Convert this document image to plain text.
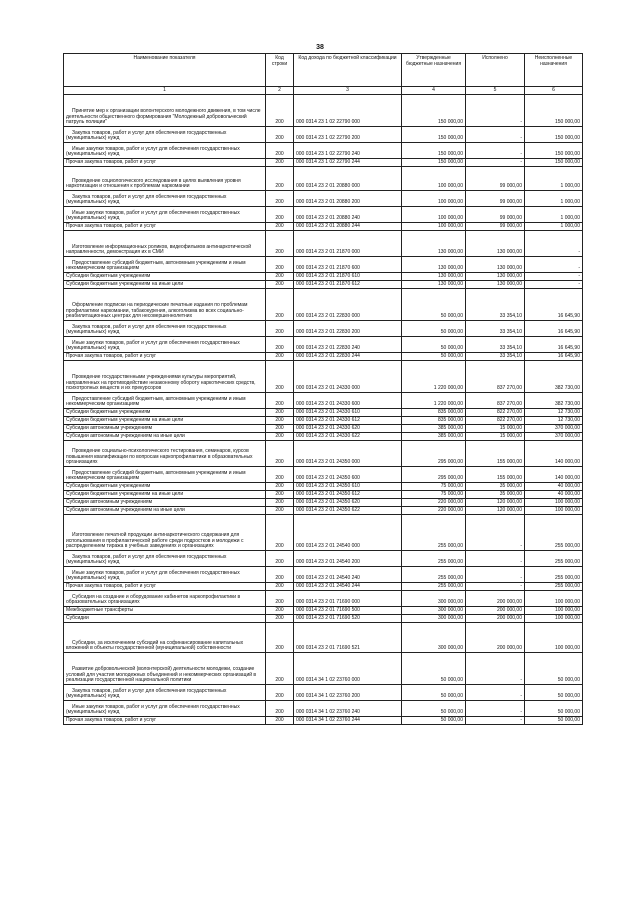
38
Наименование показателя	Код строки	Код дохода по бюджетной классификации	Утвержденные бюджетные назначения	Исполнено	Неисполненные назначения
1	2	3	4	5	6
Принятие мер к организации волонтерского молодежного движения, в том числе деятельности общественного формирования "Молодежный добровольческий патруль полиции"	200	000 0314 23 1 02 22790 000	150 000,00	-	150 000,00
Закупка товаров, работ и услуг для обеспечения государственных (муниципальных) нужд	200	000 0314 23 1 02 22790 200	150 000,00	-	150 000,00
Иные закупки товаров, работ и услуг для обеспечения государственных (муниципальных) нужд	200	000 0314 23 1 02 22790 240	150 000,00	-	150 000,00
Прочая закупка товаров, работ и услуг	200	000 0314 23 1 02 22790 244	150 000,00	-	150 000,00
Проведение социологического исследования в целях выявления уровня наркотизации и отношения к проблемам наркомании	200	000 0314 23 2 01 20880 000	100 000,00	99 000,00	1 000,00
Закупка товаров, работ и услуг для обеспечения государственных (муниципальных) нужд	200	000 0314 23 2 01 20880 200	100 000,00	99 000,00	1 000,00
Иные закупки товаров, работ и услуг для обеспечения государственных (муниципальных) нужд	200	000 0314 23 2 01 20880 240	100 000,00	99 000,00	1 000,00
Прочая закупка товаров, работ и услуг	200	000 0314 23 2 01 20880 244	100 000,00	99 000,00	1 000,00
Изготовление информационных роликов, видеофильмов антинаркотической направленности, демонстрация их в СМИ	200	000 0314 23 2 01 21870 000	130 000,00	130 000,00	-
Предоставление субсидий бюджетным, автономным учреждениям и иным некоммерческим организациям	200	000 0314 23 2 01 21870 600	130 000,00	130 000,00	-
Субсидии бюджетным учреждениям	200	000 0314 23 2 01 21870 610	130 000,00	130 000,00	-
Субсидии бюджетным учреждениям на иные цели	200	000 0314 23 2 01 21870 612	130 000,00	130 000,00	-
Оформление подписки на периодические печатные издания по проблемам профилактики наркомании, табакокурения, алкоголизма во всех социально-реабилитационных центрах для несовершеннолетних	200	000 0314 23 2 01 22830 000	50 000,00	33 354,10	16 645,90
Закупка товаров, работ и услуг для обеспечения государственных (муниципальных) нужд	200	000 0314 23 2 01 22830 200	50 000,00	33 354,10	16 645,90
Иные закупки товаров, работ и услуг для обеспечения государственных (муниципальных) нужд	200	000 0314 23 2 01 22830 240	50 000,00	33 354,10	16 645,90
Прочая закупка товаров, работ и услуг	200	000 0314 23 2 01 22830 244	50 000,00	33 354,10	16 645,90
Проведение государственными учреждениями культуры мероприятий, направленных на противодействие незаконному обороту наркотических средств, психотропных веществ и их прекурсоров	200	000 0314 23 2 01 24330 000	1 220 000,00	837 270,00	382 730,00
Предоставление субсидий бюджетным, автономным учреждениям и иным некоммерческим организациям	200	000 0314 23 2 01 24330 600	1 220 000,00	837 270,00	382 730,00
Субсидии бюджетным учреждениям	200	000 0314 23 2 01 24330 610	835 000,00	822 270,00	12 730,00
Субсидии бюджетным учреждениям на иные цели	200	000 0314 23 2 01 24330 612	835 000,00	822 270,00	12 730,00
Субсидии автономным учреждениям	200	000 0314 23 2 01 24330 620	385 000,00	15 000,00	370 000,00
Субсидии автономным учреждениям на иные цели	200	000 0314 23 2 01 24330 622	385 000,00	15 000,00	370 000,00
Проведение социально-психологического тестирования, семинаров, курсов повышения квалификации по вопросам наркопрофилактики в образовательных организациях	200	000 0314 23 2 01 24350 000	295 000,00	155 000,00	140 000,00
Предоставление субсидий бюджетным, автономным учреждениям и иным некоммерческим организациям	200	000 0314 23 2 01 24350 600	295 000,00	155 000,00	140 000,00
Субсидии бюджетным учреждениям	200	000 0314 23 2 01 24350 610	75 000,00	35 000,00	40 000,00
Субсидии бюджетным учреждениям на иные цели	200	000 0314 23 2 01 24350 612	75 000,00	35 000,00	40 000,00
Субсидии автономным учреждениям	200	000 0314 23 2 01 24350 620	220 000,00	120 000,00	100 000,00
Субсидии автономным учреждениям на иные цели	200	000 0314 23 2 01 24350 622	220 000,00	120 000,00	100 000,00
Изготовление печатной продукции антинаркотического содержания для использования в профилактической работе среди подростков и молодежи с распределением тиража в учебных заведениях и организациях	200	000 0314 23 2 01 24540 000	255 000,00	-	255 000,00
Закупка товаров, работ и услуг для обеспечения государственных (муниципальных) нужд	200	000 0314 23 2 01 24540 200	255 000,00	-	255 000,00
Иные закупки товаров, работ и услуг для обеспечения государственных (муниципальных) нужд	200	000 0314 23 2 01 24540 240	255 000,00	-	255 000,00
Прочая закупка товаров, работ и услуг	200	000 0314 23 2 01 24540 244	255 000,00	-	255 000,00
Субсидия на создание и оборудование кабинетов наркопрофилактики в образовательных организациях	200	000 0314 23 2 01 71690 000	300 000,00	200 000,00	100 000,00
Межбюджетные трансферты	200	000 0314 23 2 01 71690 500	300 000,00	200 000,00	100 000,00
Субсидии	200	000 0314 23 2 01 71690 520	300 000,00	200 000,00	100 000,00
Субсидии, за исключением субсидий на софинансирование капитальных вложений в объекты государственной (муниципальной) собственности	200	000 0314 23 2 01 71690 521	300 000,00	200 000,00	100 000,00
Развитие добровольческой (волонтерской) деятельности молодежи, создание условий для участия молодежных объединений и некоммерческих организаций в реализации государственной национальной политики	200	000 0314 34 1 02 23760 000	50 000,00	-	50 000,00
Закупка товаров, работ и услуг для обеспечения государственных (муниципальных) нужд	200	000 0314 34 1 02 23760 200	50 000,00	-	50 000,00
Иные закупки товаров, работ и услуг для обеспечения государственных (муниципальных) нужд	200	000 0314 34 1 02 23760 240	50 000,00	-	50 000,00
Прочая закупка товаров, работ и услуг	200	000 0314 34 1 02 23760 244	50 000,00	-	50 000,00
